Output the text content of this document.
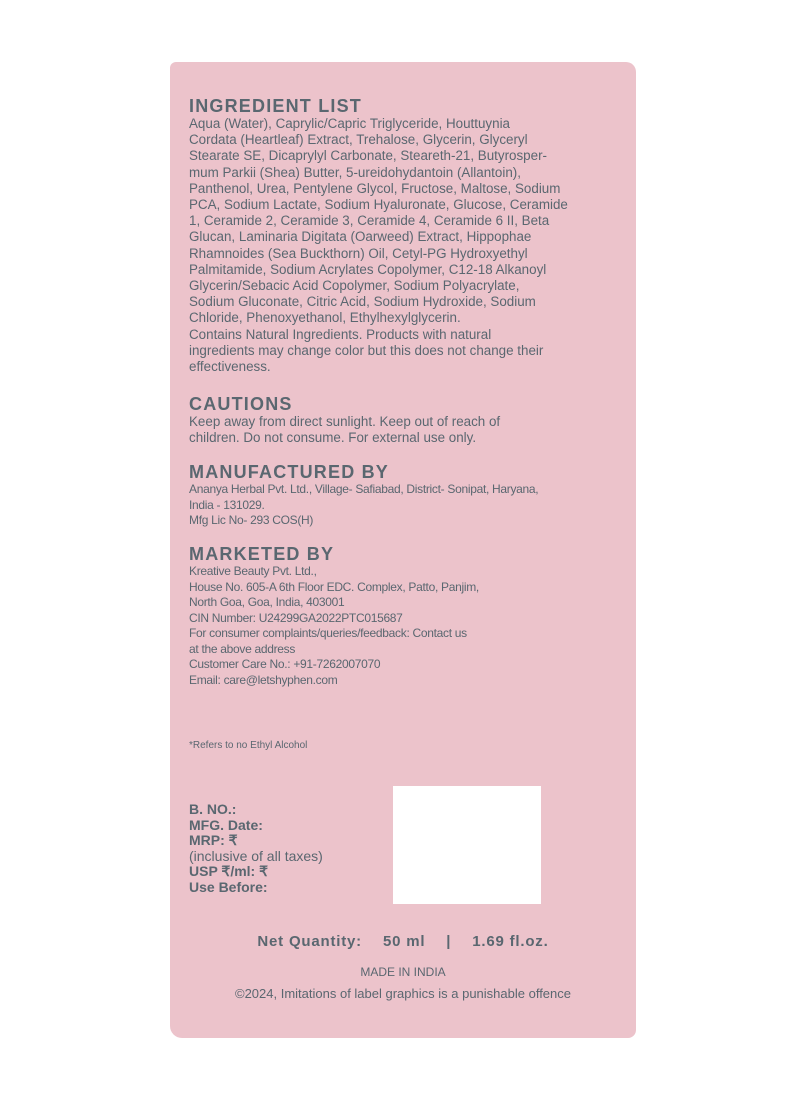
INGREDIENT LIST
Aqua (Water), Caprylic/Capric Triglyceride, Houttuynia
Cordata (Heartleaf) Extract, Trehalose, Glycerin, Glyceryl
Stearate SE, Dicaprylyl Carbonate, Steareth-21, Butyrosper-
mum Parkii (Shea) Butter, 5-ureidohydantoin (Allantoin),
Panthenol, Urea, Pentylene Glycol, Fructose, Maltose, Sodium
PCA, Sodium Lactate, Sodium Hyaluronate, Glucose, Ceramide
1, Ceramide 2, Ceramide 3, Ceramide 4, Ceramide 6 II, Beta
Glucan, Laminaria Digitata (Oarweed) Extract, Hippophae
Rhamnoides (Sea Buckthorn) Oil, Cetyl-PG Hydroxyethyl
Palmitamide, Sodium Acrylates Copolymer, C12-18 Alkanoyl
Glycerin/Sebacic Acid Copolymer, Sodium Polyacrylate,
Sodium Gluconate, Citric Acid, Sodium Hydroxide, Sodium
Chloride, Phenoxyethanol, Ethylhexylglycerin.
Contains Natural Ingredients. Products with natural
ingredients may change color but this does not change their
effectiveness.
CAUTIONS
Keep away from direct sunlight. Keep out of reach of
children. Do not consume. For external use only.
MANUFACTURED BY
Ananya Herbal Pvt. Ltd., Village- Safiabad, District- Sonipat, Haryana,
India - 131029.
Mfg Lic No- 293 COS(H)
MARKETED BY
Kreative Beauty Pvt. Ltd.,
House No. 605-A 6th Floor EDC. Complex, Patto, Panjim,
North Goa, Goa, India, 403001
CIN Number: U24299GA2022PTC015687
For consumer complaints/queries/feedback: Contact us
at the above address
Customer Care No.: +91-7262007070
Email: care@letshyphen.com
*Refers to no Ethyl Alcohol
B. NO.:
MFG. Date:
MRP: ₹
(inclusive of all taxes)
USP ₹/ml: ₹
Use Before:
Net Quantity: 50 ml | 1.69 fl.oz.
MADE IN INDIA
©2024, Imitations of label graphics is a punishable offence
